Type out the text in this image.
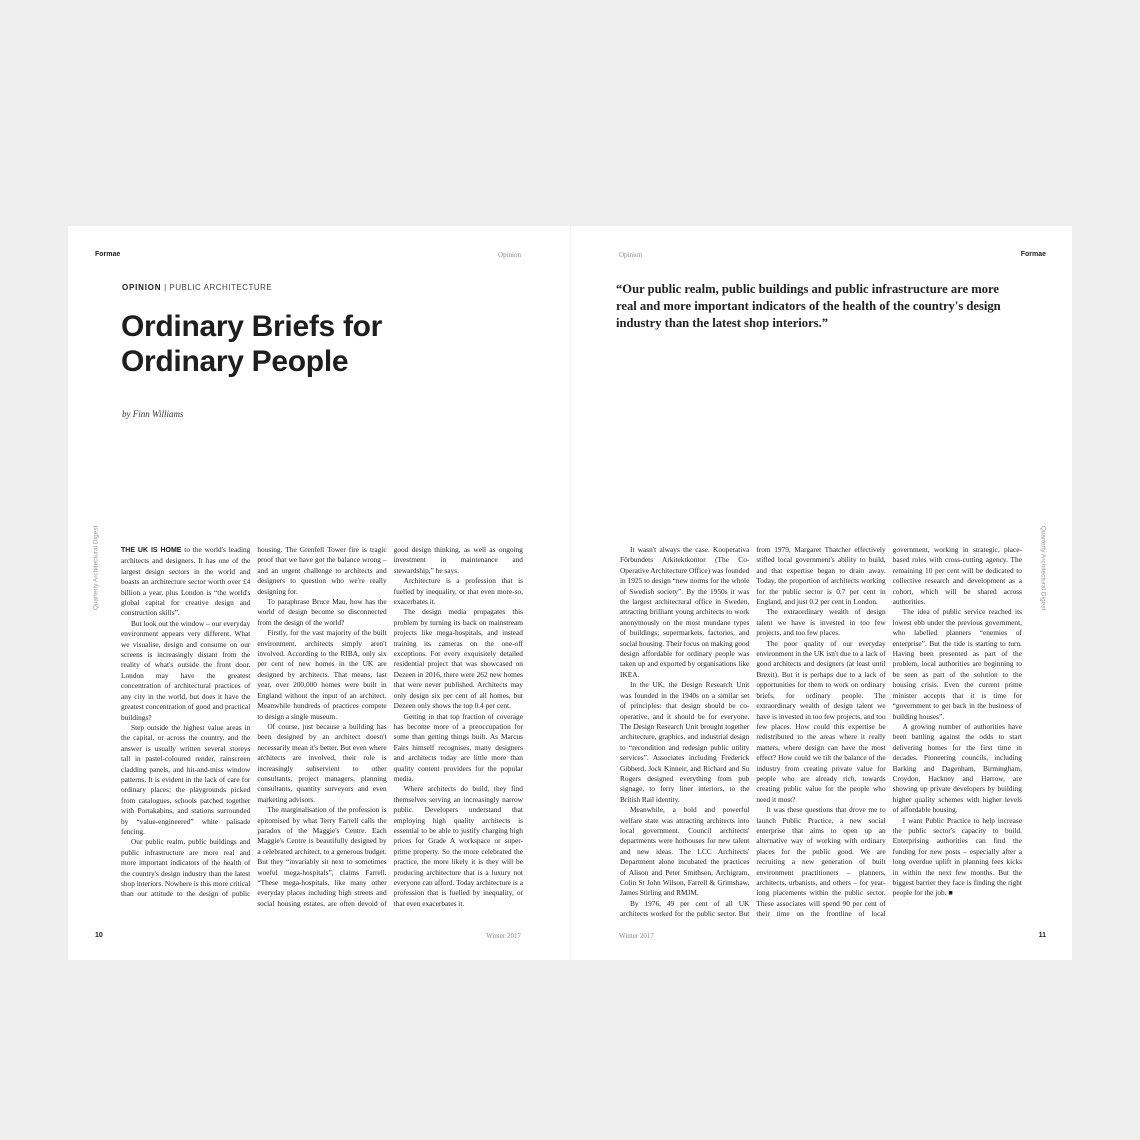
Formae	Opinion
OPINION | PUBLIC ARCHITECTURE
Ordinary Briefs for
Ordinary People
by Finn Williams
Quarterly Architectural Digest	Quarterly Architectural Digest

THE UK IS HOME to the world's leading architects and designers. It has one of the largest design sectors in the world and boasts an architecture sector worth over £4 billion a year, plus London is “the world's global capital for creative design and construction skills”.

But look out the window – our everyday environment appears very different. What we visualise, design and consume on our screens is increasingly distant from the reality of what's outside the front door. London may have the greatest concentration of architectural practices of any city in the world, but does it have the greatest concentration of good and practical buildings?

Step outside the highest value areas in the capital, or across the country, and the answer is usually written several storeys tall in pastel-coloured render, rainscreen cladding panels, and hit-and-miss window patterns. It is evident in the lack of care for ordinary places; the playgrounds picked from catalogues, schools patched together with Portakabins, and stations surrounded by “value-engineered” white palisade fencing.

Our public realm, public buildings and public infrastructure are more real and more important indicators of the health of the country's design industry than the latest shop interiors. Nowhere is this more critical than our attitude to the design of public housing. The Grenfell Tower fire is tragic proof that we have got the balance wrong – and an urgent challenge to architects and designers to question who we're really designing for.

To paraphrase Bruce Mau, how has the world of design become so disconnected from the design of the world?

Firstly, for the vast majority of the built environment, architects simply aren't involved. According to the RIBA, only six per cent of new homes in the UK are designed by architects. That means, last year, over 200,000 homes were built in England without the input of an architect. Meanwhile hundreds of practices compete to design a single museum.

Of course, just because a building has been designed by an architect doesn't necessarily mean it's better. But even where architects are involved, their role is increasingly subservient to other consultants, project managers, planning consultants, quantity surveyors and even marketing advisors.

The marginalisation of the profession is epitomised by what Terry Farrell calls the paradox of the Maggie's Centre. Each Maggie's Centre is beautifully designed by a celebrated architect, to a generous budget. But they “invariably sit next to sometimes woeful mega-hospitals”, claims Farrell. “These mega-hospitals, like many other everyday places including high streets and social housing estates, are often devoid of good design thinking, as well as ongoing investment in maintenance and stewardship,” he says.

Architecture is a profession that is fuelled by inequality, or that even more-so, exacerbates it.

The design media propagates this problem by turning its back on mainstream projects like mega-hospitals, and instead training its cameras on the one-off exceptions. For every exquisitely detailed residential project that was showcased on Dezeen in 2016, there were 262 new homes that were never published. Architects may only design six per cent of all homes, but Dezeen only shows the top 0.4 per cent.

Getting in that top fraction of coverage has become more of a preoccupation for some than getting things built. As Marcus Fairs himself recognises, many designers and architects today are little more than quality content providers for the popular media.

Where architects do build, they find themselves serving an increasingly narrow public. Developers understand that employing high quality architects is essential to be able to justify charging high prices for Grade A workspace or super-prime property. So the more celebrated the practice, the more likely it is they will be producing architecture that is a luxury not everyone can afford. Today architecture is a profession that is fuelled by inequality, or that even exacerbates it.

10	Winter 2017
Opinion	Formae
“Our public realm, public buildings and public infrastructure are more real and more important indicators of the health of the country's design industry than the latest shop interiors.”

It wasn't always the case. Kooperativa Förbundets Arkitektkontor (The Co-Operative Architecture Office) was founded in 1925 to design “new norms for the whole of Swedish society”. By the 1950s it was the largest architectural office in Sweden, attracting brilliant young architects to work anonymously on the most mundane types of buildings; supermarkets, factories, and social housing. Their focus on making good design affordable for ordinary people was taken up and exported by organisations like IKEA.

In the UK, the Design Research Unit was founded in the 1940s on a similar set of principles: that design should be co-operative, and it should be for everyone. The Design Research Unit brought together architecture, graphics, and industrial design to “recondition and redesign public utility services”. Associates including Frederick Gibberd, Jock Kinneir, and Richard and Su Rogers designed everything from pub signage, to ferry liner interiors, to the British Rail identity.

Meanwhile, a bold and powerful welfare state was attracting architects into local government. Council architects' departments were hothouses for new talent and new ideas. The LCC Architects' Department alone incubated the practices of Alison and Peter Smithson, Archigram, Colin St John Wilson, Farrell & Grimshaw, James Stirling and RMJM.

By 1976, 49 per cent of all UK architects worked for the public sector. But from 1979, Margaret Thatcher effectively stifled local government's ability to build, and that expertise began to drain away. Today, the proportion of architects working for the public sector is 0.7 per cent in England, and just 0.2 per cent in London.

The extraordinary wealth of design talent we have is invested in too few projects, and too few places.

The poor quality of our everyday environment in the UK isn't due to a lack of good architects and designers (at least until Brexit). But it is perhaps due to a lack of opportunities for them to work on ordinary briefs, for ordinary people. The extraordinary wealth of design talent we have is invested in too few projects, and too few places. How could this expertise be redistributed to the areas where it really matters, where design can have the most effect? How could we tilt the balance of the industry from creating private value for people who are already rich, towards creating public value for the people who need it most?

It was these questions that drove me to launch Public Practice, a new social enterprise that aims to open up an alternative way of working with ordinary places for the public good. We are recruiting a new generation of built environment practitioners – planners, architects, urbanists, and others – for year-long placements within the public sector. These associates will spend 90 per cent of their time on the frontline of local government, working in strategic, place-based roles with cross-cutting agency. The remaining 10 per cent will be dedicated to collective research and development as a cohort, which will be shared across authorities.

The idea of public service reached its lowest ebb under the previous government, who labelled planners “enemies of enterprise”. But the tide is starting to turn. Having been presented as part of the problem, local authorities are beginning to be seen as part of the solution to the housing crisis. Even the current prime minister accepts that it is time for “government to get back in the business of building houses”.

A growing number of authorities have been battling against the odds to start delivering homes for the first time in decades. Pioneering councils, including Barking and Dagenham, Birmingham, Croydon, Hackney and Harrow, are showing up private developers by building higher quality schemes with higher levels of affordable housing.

I want Public Practice to help increase the public sector's capacity to build. Enterprising authorities can find the funding for new posts – especially after a long overdue uplift in planning fees kicks in within the next few months. But the biggest barrier they face is finding the right people for the job. ■

Winter 2017	11
